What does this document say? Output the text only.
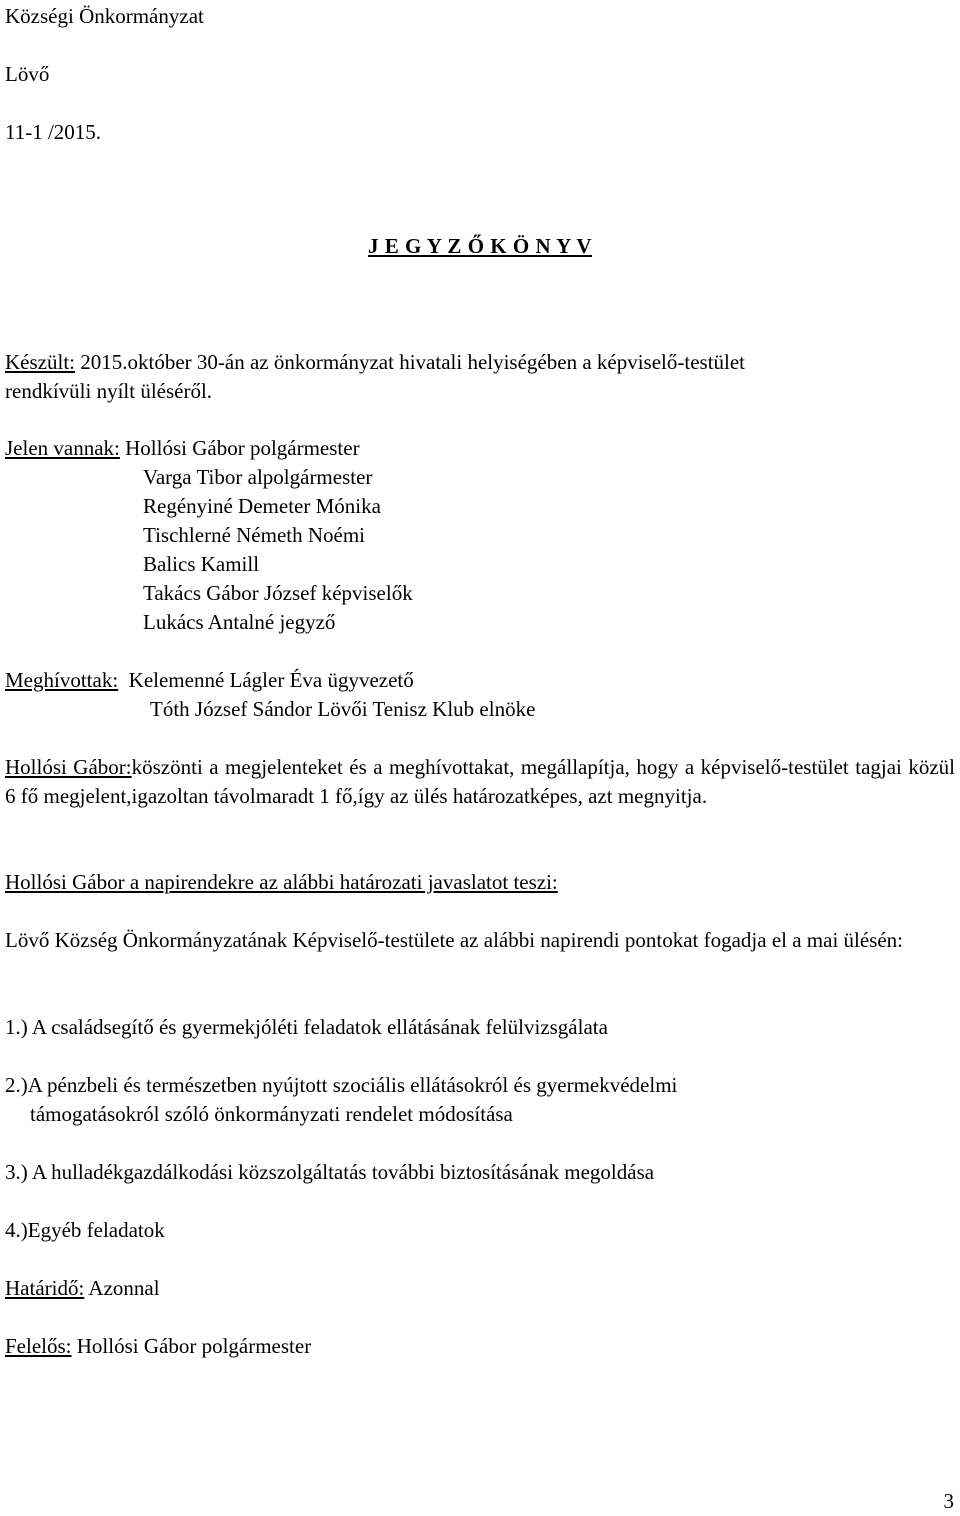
Községi Önkormányzat
Lövő
11-1 /2015.
J E G Y Z Ő K Ö N Y V
Készült: 2015.október 30-án az önkormányzat hivatali helyiségében a képviselő-testület
rendkívüli nyílt üléséről.
Jelen vannak: Hollósi Gábor polgármester
Varga Tibor alpolgármester
Regényiné Demeter Mónika
Tischlerné Németh Noémi
Balics Kamill
Takács Gábor József képviselők
Lukács Antalné jegyző
Meghívottak:  Kelemenné Lágler Éva ügyvezető
Tóth József Sándor Lövői Tenisz Klub elnöke
Hollósi Gábor:köszönti a megjelenteket és a meghívottakat, megállapítja, hogy a képviselő-testület tagjai közül 6 fő megjelent,igazoltan távolmaradt 1 fő,így az ülés határozatképes, azt megnyitja.
Hollósi Gábor a napirendekre az alábbi határozati javaslatot teszi:
Lövő Község Önkormányzatának Képviselő-testülete az alábbi napirendi pontokat fogadja el a mai ülésén:
1.) A családsegítő és gyermekjóléti feladatok ellátásának felülvizsgálata
2.)A pénzbeli és természetben nyújtott szociális ellátásokról és gyermekvédelmi
támogatásokról szóló önkormányzati rendelet módosítása
3.) A hulladékgazdálkodási közszolgáltatás további biztosításának megoldása
4.)Egyéb feladatok
Határidő: Azonnal
Felelős: Hollósi Gábor polgármester
3
